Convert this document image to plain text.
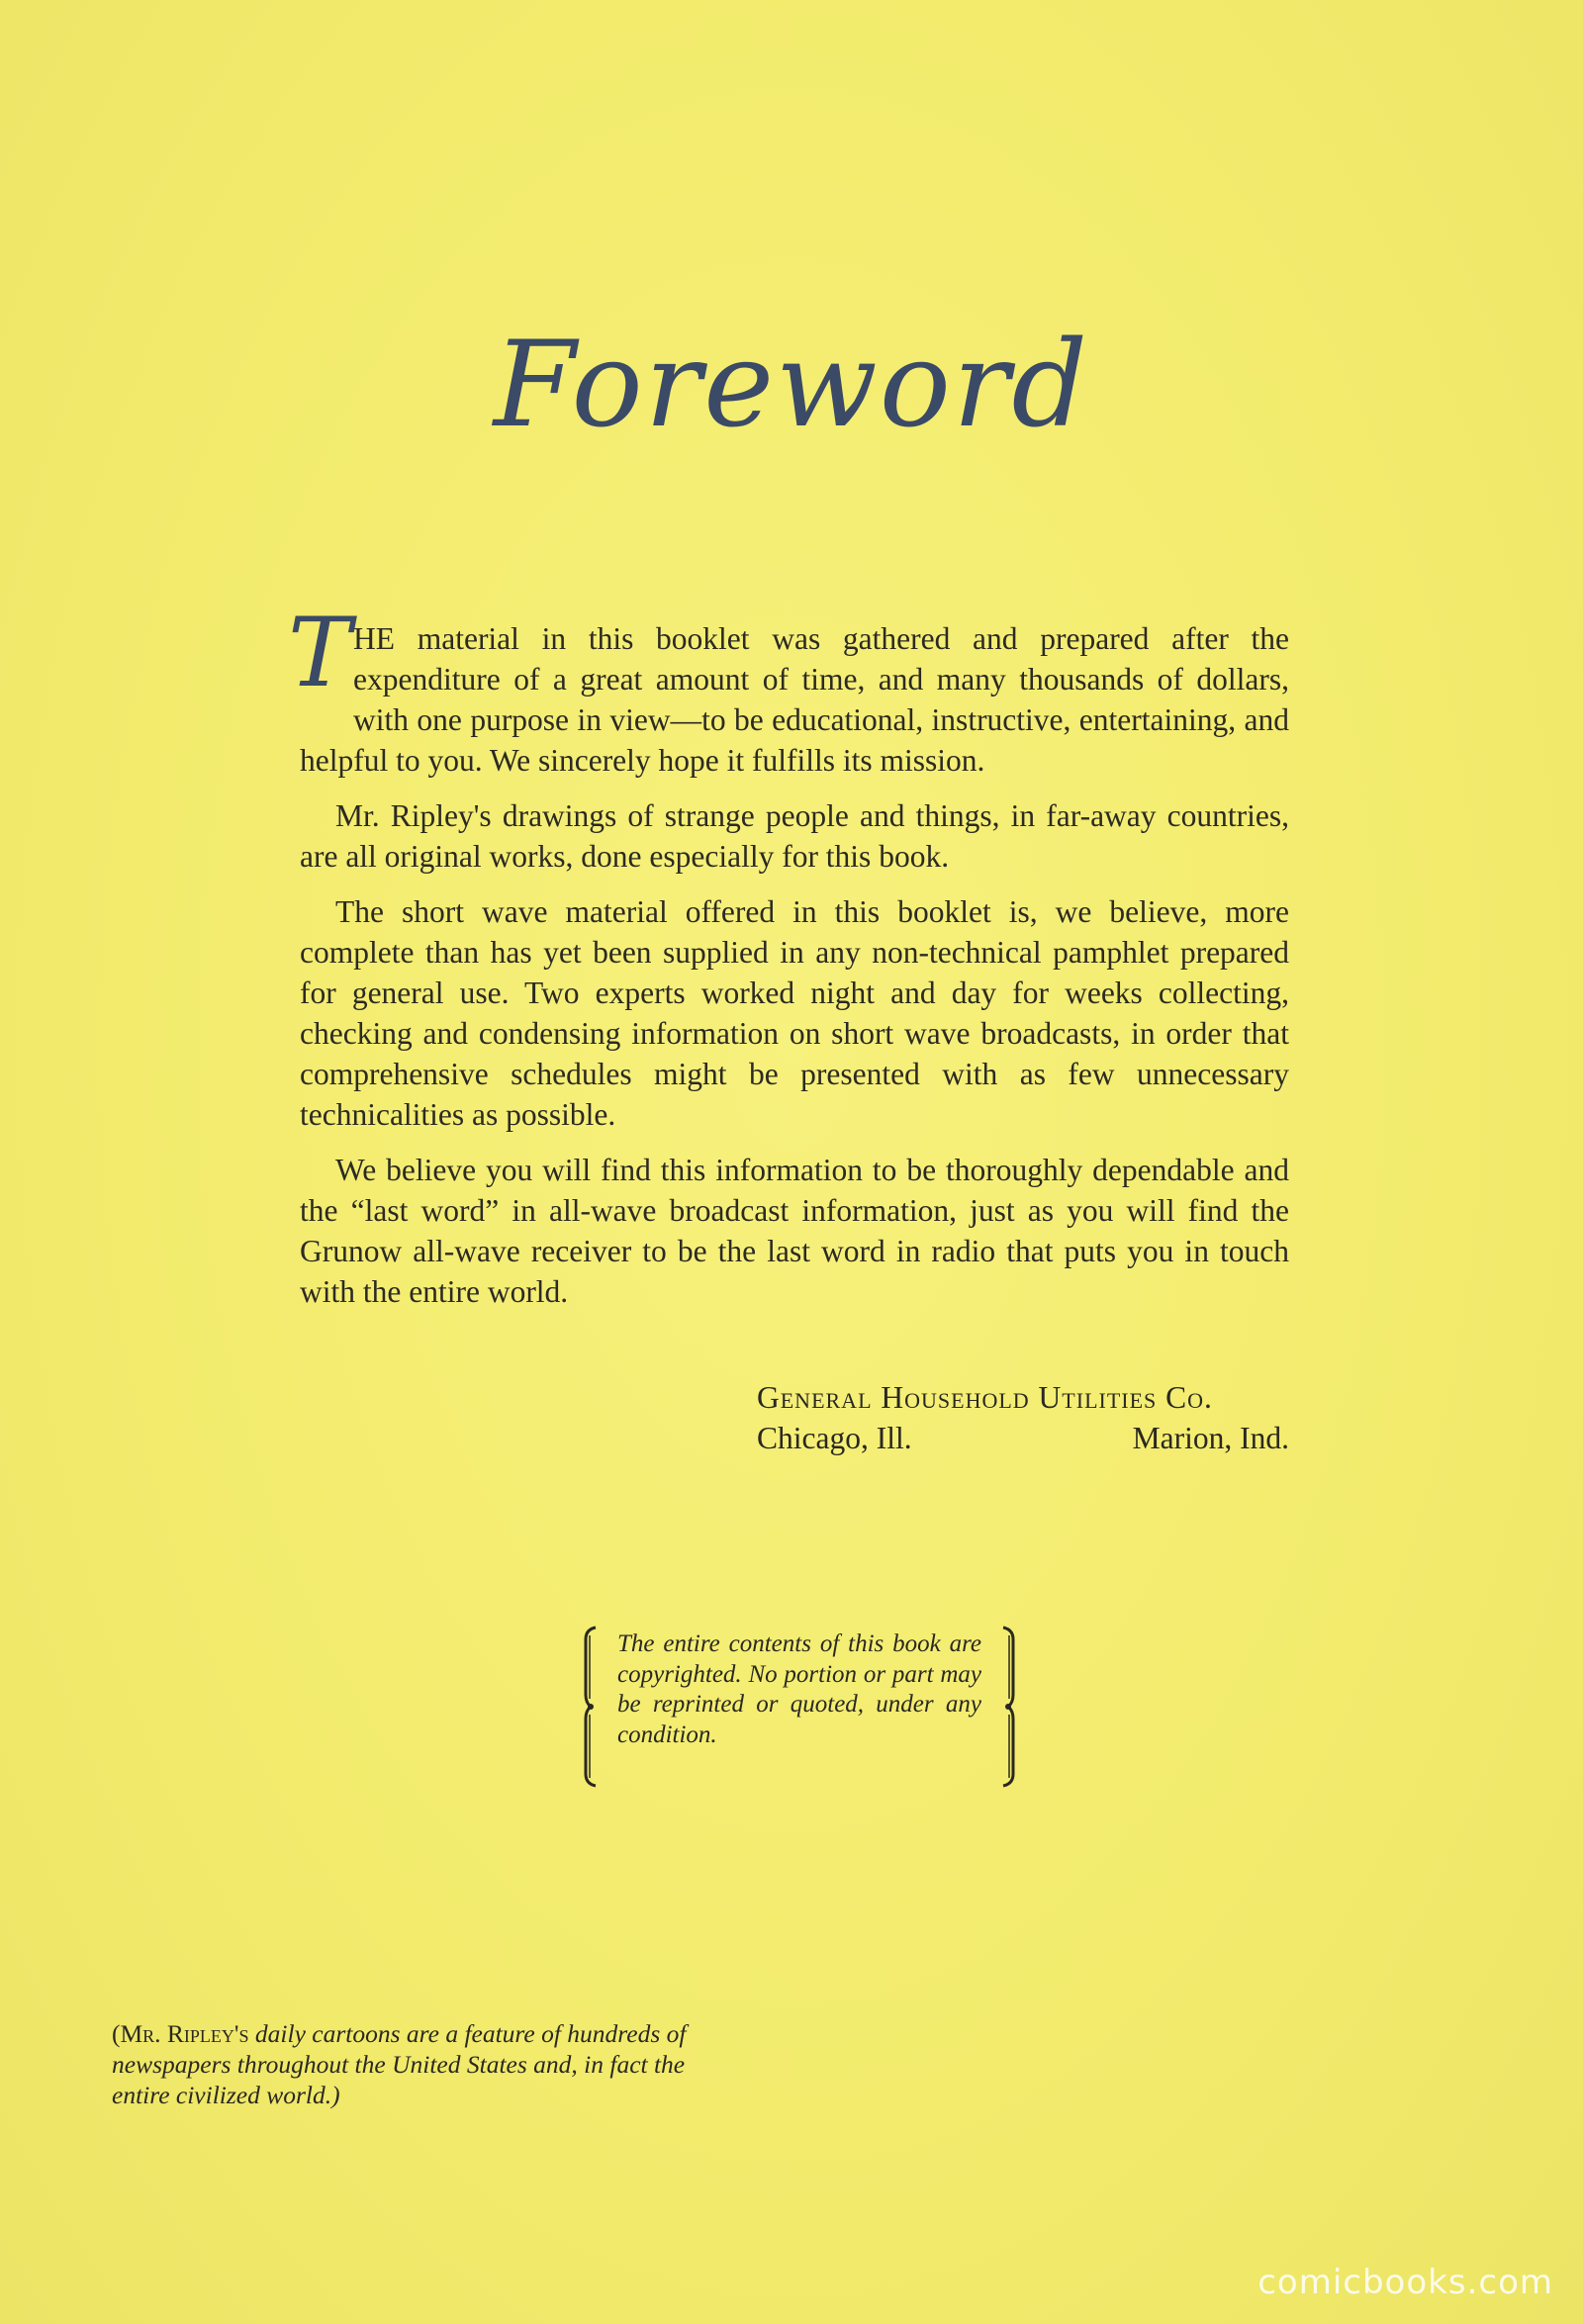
Foreword

THE material in this booklet was gathered and prepared after the expenditure of a great amount of time, and many thousands of dollars, with one purpose in view—to be educational, instructive, entertaining, and helpful to you. We sincerely hope it fulfills its mission.

Mr. Ripley's drawings of strange people and things, in far-away countries, are all original works, done especially for this book.

The short wave material offered in this booklet is, we believe, more complete than has yet been supplied in any non-technical pamphlet prepared for general use. Two experts worked night and day for weeks collecting, checking and condensing information on short wave broadcasts, in order that comprehensive schedules might be presented with as few unnecessary technicalities as possible.

We believe you will find this information to be thoroughly dependable and the “last word” in all-wave broadcast information, just as you will find the Grunow all-wave receiver to be the last word in radio that puts you in touch with the entire world.

General Household Utilities Co.
Chicago, Ill.	Marion, Ind.
The entire contents of this book are copyrighted. No portion or part may be reprinted or quoted, under any condition.
(Mr. Ripley's daily cartoons are a feature of hundreds of newspapers throughout the United States and, in fact the entire civilized world.)
comicbooks.com
